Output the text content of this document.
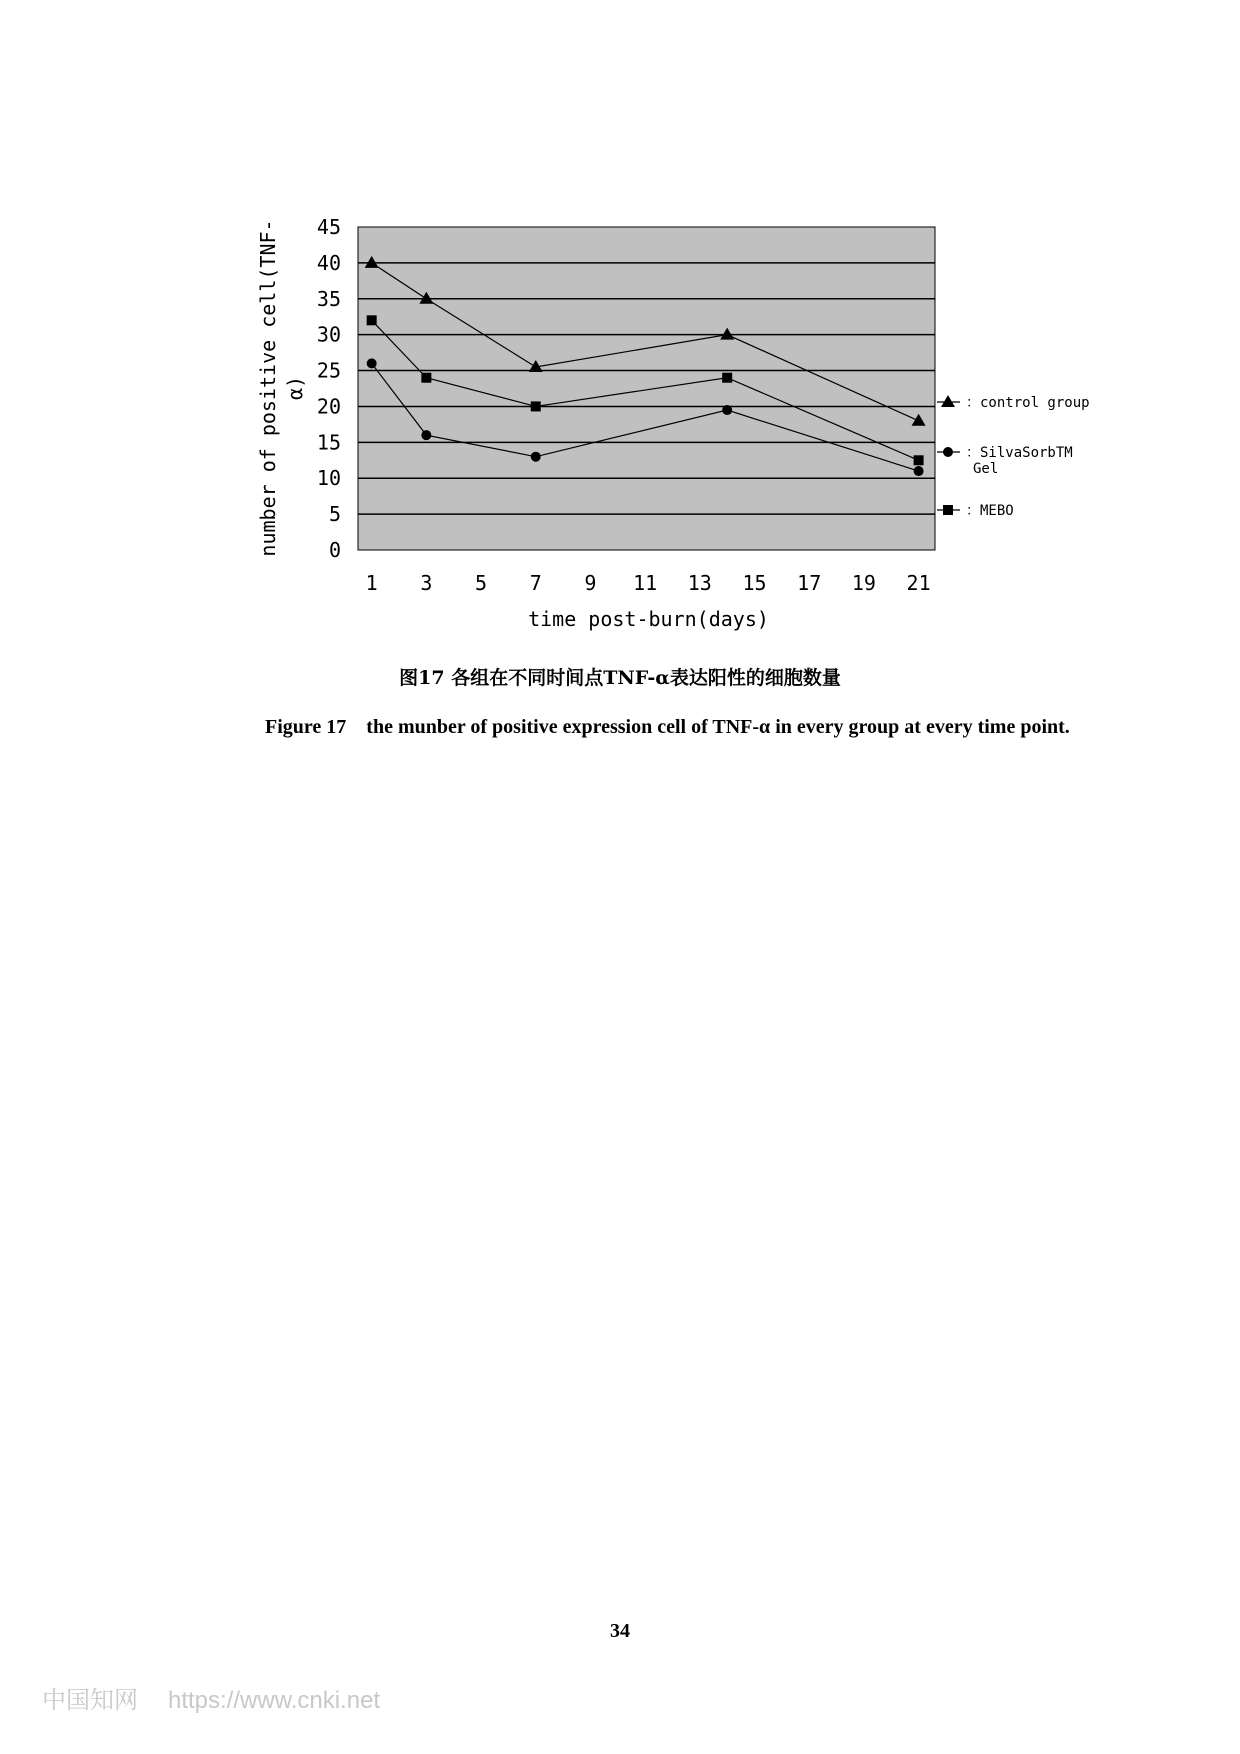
0
5
10
15
20
25
30
35
40
45
1 3 5 7 9 11 13 15 17 19 21
time post-burn(days)
number of positive cell(TNF- α)
：control group
：SilvaSorbTM Gel
：MEBO
图17 各组在不同时间点TNF-α表达阳性的细胞数量
Figure 17 the munber of positive expression cell of TNF-α in every group at every time point.
34
中国知网 https://www.cnki.net
